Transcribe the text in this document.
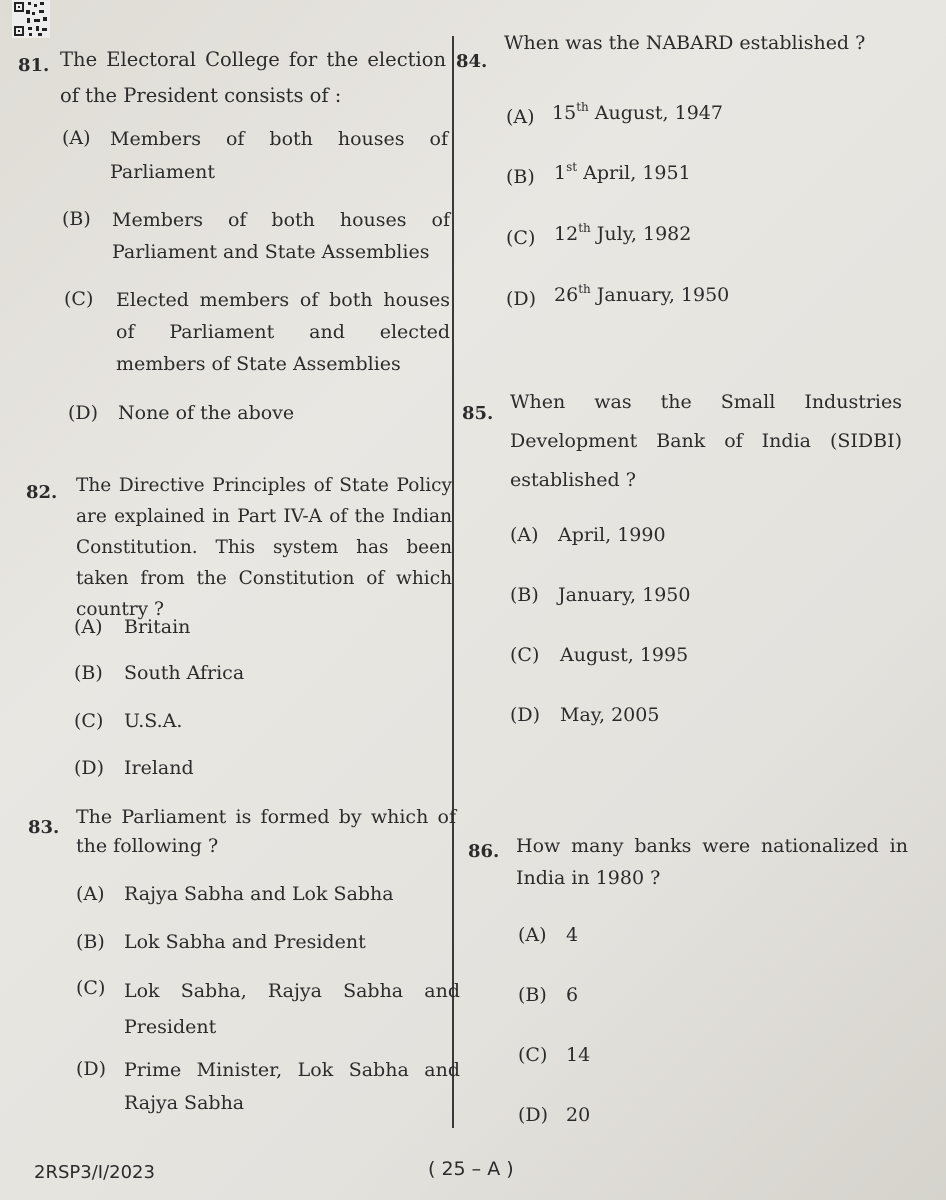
81. The Electoral College for the election of the President consists of :
(A) Members of both houses of Parliament
(B) Members of both houses of Parliament and State Assemblies
(C) Elected members of both houses of Parliament and elected members of State Assemblies
(D) None of the above
82. The Directive Principles of State Policy are explained in Part IV-A of the Indian Constitution. This system has been taken from the Constitution of which country ?
(A) Britain
(B) South Africa
(C) U.S.A.
(D) Ireland
83. The Parliament is formed by which of the following ?
(A) Rajya Sabha and Lok Sabha
(B) Lok Sabha and President
(C) Lok Sabha, Rajya Sabha and President
(D) Prime Minister, Lok Sabha and Rajya Sabha
84.
When was the NABARD established ?
(A) 15th August, 1947
(B) 1st April, 1951
(C) 12th July, 1982
(D) 26th January, 1950
85.
When was the Small Industries Development Bank of India (SIDBI) established ?
(A) April, 1990
(B) January, 1950
(C) August, 1995
(D) May, 2005
86. How many banks were nationalized in India in 1980 ?
(A) 4
(B) 6
(C) 14
(D) 20
2RSP3/I/2023	( 25 – A )
